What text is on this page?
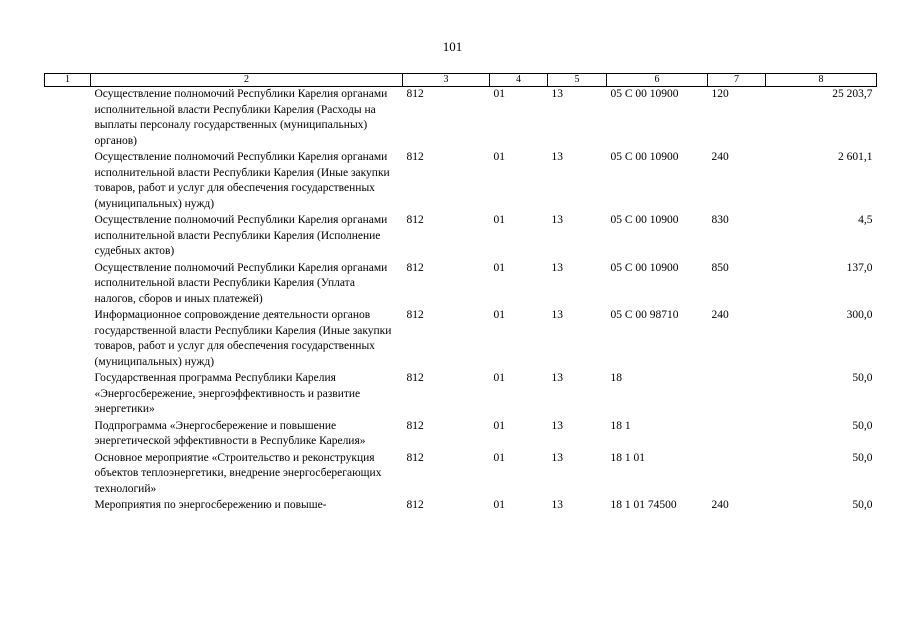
101
1	2	3	4	5	6	7	8
	Осуществление полномочий Республики Карелия органами исполнительной власти Республики Карелия (Расходы на выплаты персоналу государственных (муниципальных) органов)	812	01	13	05 С 00 10900	120	25 203,7
	Осуществление полномочий Республики Карелия органами исполнительной власти Республики Карелия (Иные закупки товаров, работ и услуг для обеспечения государственных (муниципальных) нужд)	812	01	13	05 С 00 10900	240	2 601,1
	Осуществление полномочий Республики Карелия органами исполнительной власти Республики Карелия (Исполнение судебных актов)	812	01	13	05 С 00 10900	830	4,5
	Осуществление полномочий Республики Карелия органами исполнительной власти Республики Карелия (Уплата налогов, сборов и иных платежей)	812	01	13	05 С 00 10900	850	137,0
	Информационное сопровождение деятельности органов государственной власти Республики Карелия (Иные закупки товаров, работ и услуг для обеспечения государственных (муниципальных) нужд)	812	01	13	05 С 00 98710	240	300,0
	Государственная программа Республики Карелия «Энергосбережение, энергоэффективность и развитие энергетики»	812	01	13	18		50,0
	Подпрограмма «Энергосбережение и повышение энергетической эффективности в Республике Карелия»	812	01	13	18 1		50,0
	Основное мероприятие «Строительство и реконструкция объектов теплоэнергетики, внедрение энергосберегающих технологий»	812	01	13	18 1 01		50,0
	Мероприятия по энергосбережению и повыше-	812	01	13	18 1 01 74500	240	50,0
